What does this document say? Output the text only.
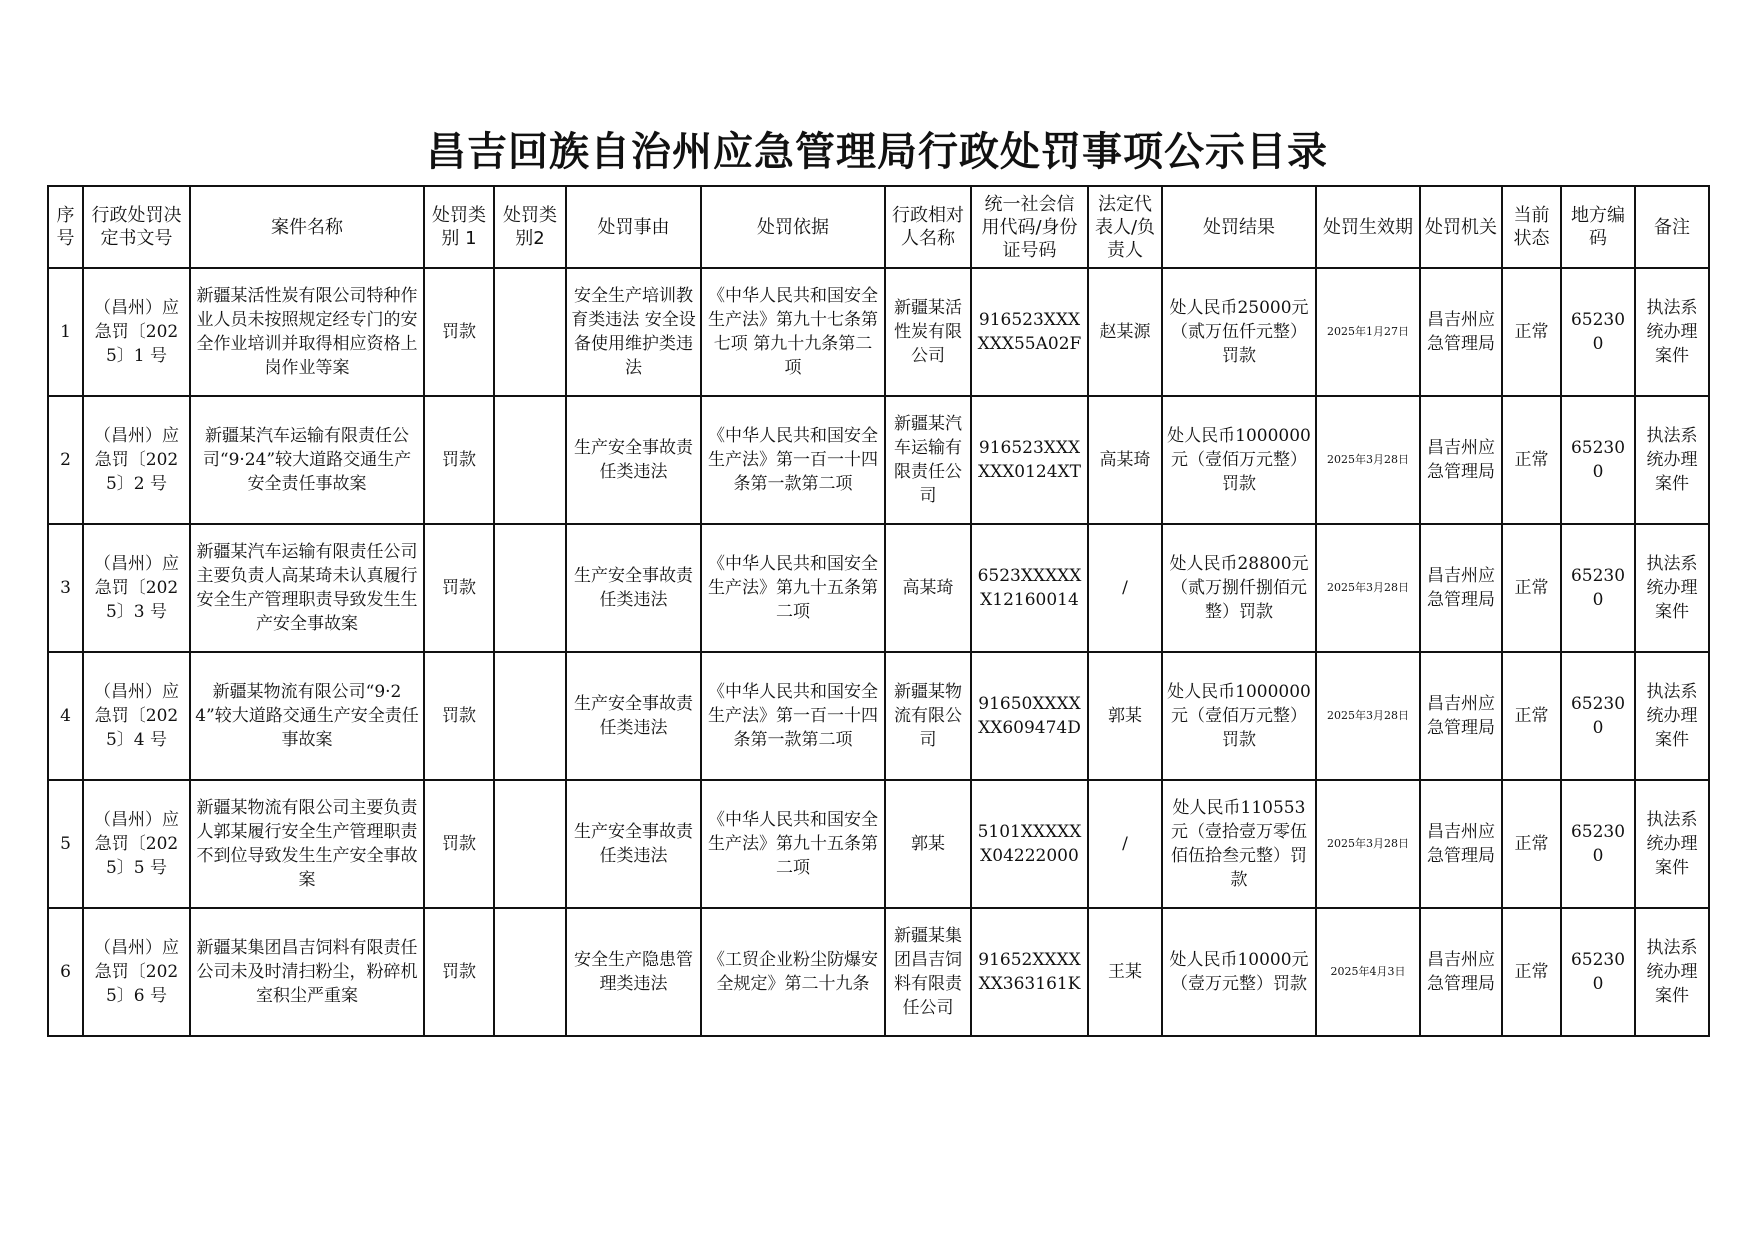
昌吉回族自治州应急管理局行政处罚事项公示目录
序号	行政处罚决定书文号	案件名称	处罚类别 1	处罚类别2	处罚事由	处罚依据	行政相对人名称	统一社会信用代码/身份证号码	法定代表人/负责人	处罚结果	处罚生效期	处罚机关	当前状态	地方编码	备注
1	（昌州）应急罚〔2025〕1 号	新疆某活性炭有限公司特种作业人员未按照规定经专门的安全作业培训并取得相应资格上岗作业等案	罚款		安全生产培训教育类违法 安全设备使用维护类违法	《中华人民共和国安全生产法》第九十七条第七项 第九十九条第二项	新疆某活性炭有限公司	916523XXXXXX55A02F	赵某源	处人民币25000元（贰万伍仟元整）罚款	2025年1月27日	昌吉州应急管理局	正常	652300	执法系统办理案件
2	（昌州）应急罚〔2025〕2 号	新疆某汽车运输有限责任公司“9·24”较大道路交通生产安全责任事故案	罚款		生产安全事故责任类违法	《中华人民共和国安全生产法》第一百一十四条第一款第二项	新疆某汽车运输有限责任公司	916523XXXXXX0124XT	高某琦	处人民币1000000元（壹佰万元整）罚款	2025年3月28日	昌吉州应急管理局	正常	652300	执法系统办理案件
3	（昌州）应急罚〔2025〕3 号	新疆某汽车运输有限责任公司主要负责人高某琦未认真履行安全生产管理职责导致发生生产安全事故案	罚款		生产安全事故责任类违法	《中华人民共和国安全生产法》第九十五条第二项	高某琦	6523XXXXXX12160014	/	处人民币28800元（贰万捌仟捌佰元整）罚款	2025年3月28日	昌吉州应急管理局	正常	652300	执法系统办理案件
4	（昌州）应急罚〔2025〕4 号	新疆某物流有限公司“9·24”较大道路交通生产安全责任事故案	罚款		生产安全事故责任类违法	《中华人民共和国安全生产法》第一百一十四条第一款第二项	新疆某物流有限公司	91650XXXXXX609474D	郭某	处人民币1000000元（壹佰万元整）罚款	2025年3月28日	昌吉州应急管理局	正常	652300	执法系统办理案件
5	（昌州）应急罚〔2025〕5 号	新疆某物流有限公司主要负责人郭某履行安全生产管理职责不到位导致发生生产安全事故案	罚款		生产安全事故责任类违法	《中华人民共和国安全生产法》第九十五条第二项	郭某	5101XXXXXX04222000	/	处人民币110553元（壹拾壹万零伍佰伍拾叁元整）罚款	2025年3月28日	昌吉州应急管理局	正常	652300	执法系统办理案件
6	（昌州）应急罚〔2025〕6 号	新疆某集团昌吉饲料有限责任公司未及时清扫粉尘，粉碎机室积尘严重案	罚款		安全生产隐患管理类违法	《工贸企业粉尘防爆安全规定》第二十九条	新疆某集团昌吉饲料有限责任公司	91652XXXXXX363161K	王某	处人民币10000元（壹万元整）罚款	2025年4月3日	昌吉州应急管理局	正常	652300	执法系统办理案件
